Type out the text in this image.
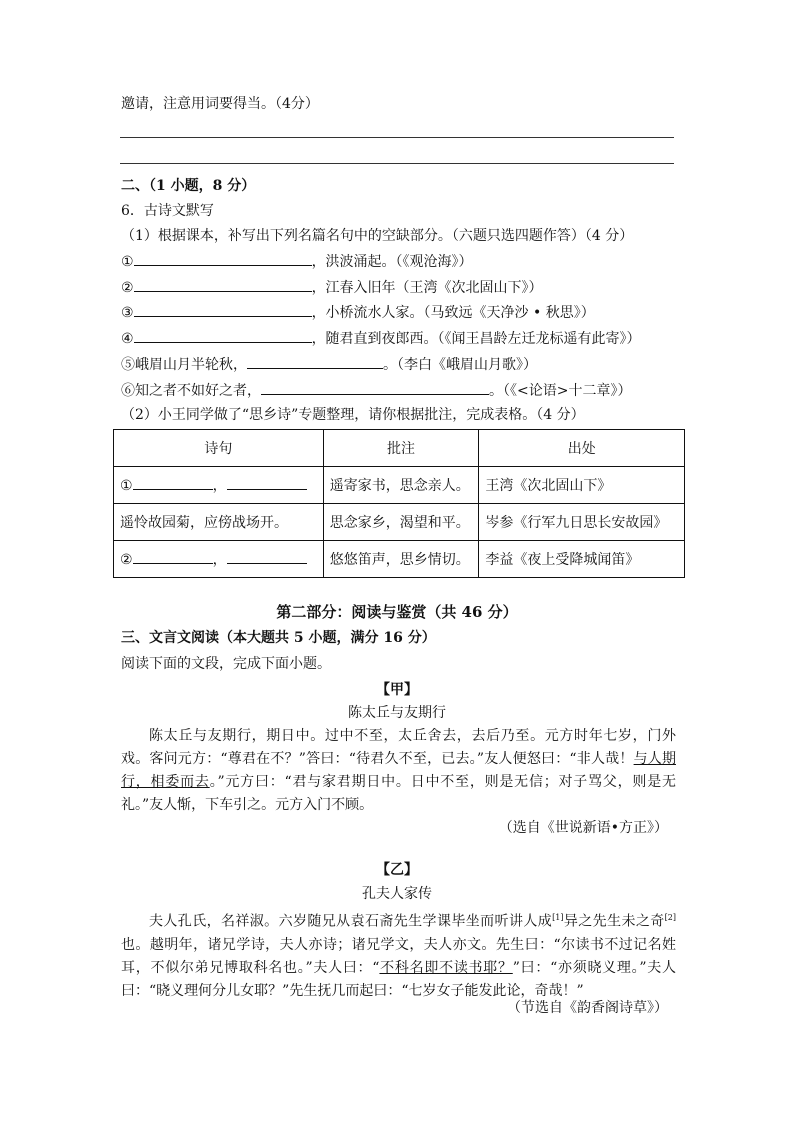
邀请，注意用词要得当。（4分）
二、（1 小题，8 分）
6．古诗文默写
（1）根据课本，补写出下列名篇名句中的空缺部分。（六题只选四题作答）（4 分）
①	，洪波涌起。（《观沧海》）
②	，江春入旧年（王湾《次北固山下》）
③	，小桥流水人家。（马致远《天净沙 • 秋思》）
④	，随君直到夜郎西。（《闻王昌龄左迁龙标遥有此寄》）
⑤峨眉山月半轮秋，	。（李白《峨眉山月歌》）
⑥知之者不如好之者，	。（《<论语>十二章》）
（2）小王同学做了“思乡诗”专题整理，请你根据批注，完成表格。（4 分）
诗句	批注	出处
① ，	遥寄家书，思念亲人。	王湾《次北固山下》
遥怜故园菊，应傍战场开。	思念家乡，渴望和平。	岑参《行军九日思长安故园》
② ，	悠悠笛声，思乡情切。	李益《夜上受降城闻笛》
第二部分：阅读与鉴赏（共 46 分）
三、文言文阅读（本大题共 5 小题，满分 16 分）
阅读下面的文段，完成下面小题。
【甲】
陈太丘与友期行
陈太丘与友期行，期日中。过中不至，太丘舍去，去后乃至。元方时年七岁，门外戏。客问元方：“尊君在不？”答曰：“待君久不至，已去。”友人便怒曰：“非人哉！与人期行，相委而去。”元方曰：“君与家君期日中。日中不至，则是无信；对子骂父，则是无礼。”友人惭，下车引之。元方入门不顾。
（选自《世说新语•方正》）
【乙】
孔夫人家传
夫人孔氏，名祥淑。六岁随兄从袁石斋先生学课毕坐而听讲人成[1]异之先生未之奇[2]也。越明年，诸兄学诗，夫人亦诗；诸兄学文，夫人亦文。先生曰：“尔读书不过记名姓耳，不似尔弟兄博取科名也。”夫人曰：“不科名即不读书耶？”曰：“亦须晓义理。”夫人曰：“晓义理何分儿女耶？”先生抚几而起曰：“七岁女子能发此论，奇哉！”
（节选自《韵香阁诗草》）
